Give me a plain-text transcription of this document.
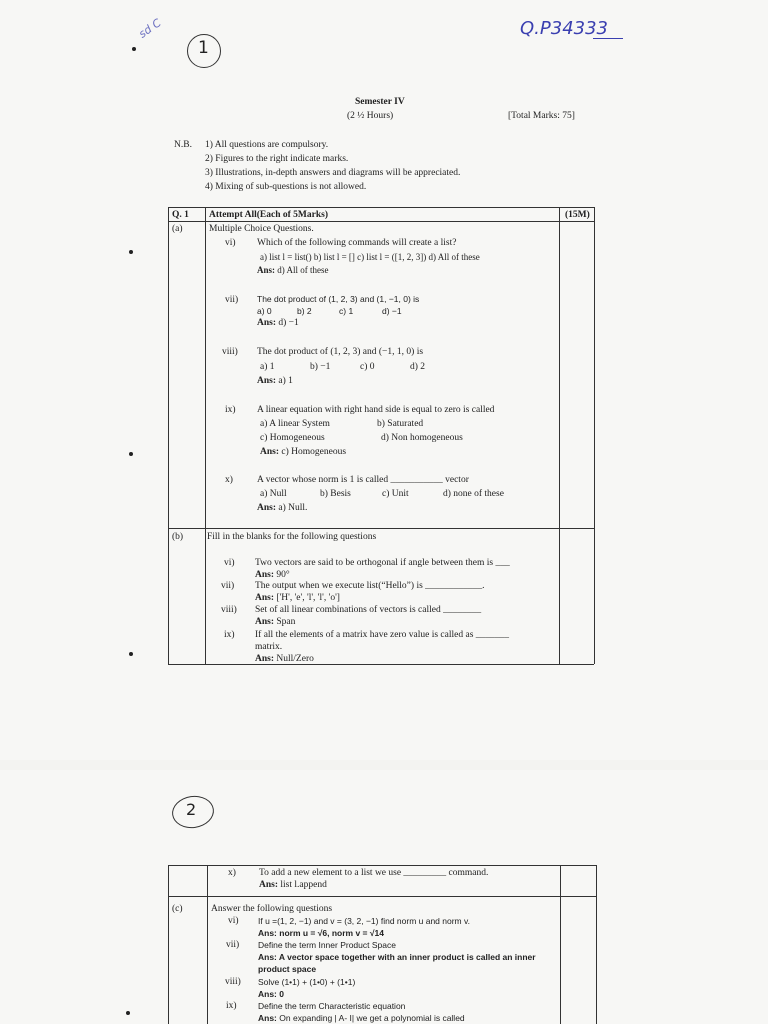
sd C
1
Q.P34333
Semester IV
(2 ½ Hours)	[Total Marks: 75]
N.B. 1) All questions are compulsory.
2) Figures to the right indicate marks.
3) Illustrations, in-depth answers and diagrams will be appreciated.
4) Mixing of sub-questions is not allowed.
Q. 1 Attempt All(Each of 5Marks)	(15M)
(a)	Multiple Choice Questions.
vi) Which of the following commands will create a list?
a) list l = list() b) list l = [] c) list l = ([1, 2, 3]) d) All of these
Ans: d) All of these
vii) The dot product of (1, 2, 3) and (1, −1, 0) is
a) 0	b) 2	c) 1	d) −1
Ans: d) −1
viii) The dot product of (1, 2, 3) and (−1, 1, 0) is
a) 1	b) −1	c) 0	d) 2
Ans: a) 1
ix) A linear equation with right hand side is equal to zero is called
a) A linear System	b) Saturated
c) Homogeneous	d) Non homogeneous
Ans: c) Homogeneous
x)	A vector whose norm is 1 is called ___________ vector
a) Null	b) Besis	c) Unit	d) none of these
Ans: a) Null.
(b)	Fill in the blanks for the following questions
vi) Two vectors are said to be orthogonal if angle between them is ___
Ans: 90°
vii) The output when we execute list(“Hello”) is ____________.
Ans: ['H', 'e', 'l', 'l', 'o']
viii) Set of all linear combinations of vectors is called ________
Ans: Span
ix) If all the elements of a matrix have zero value is called as _______
matrix.
Ans: Null/Zero
2
x) To add a new element to a list we use _________ command.
Ans: list l.append
(c)	Answer the following questions
vi) If u =(1, 2, −1) and v = (3, 2, −1) find norm u and norm v.
Ans: norm u = √6, norm v = √14
vii) Define the term Inner Product Space
Ans: A vector space together with an inner product is called an inner
product space
viii) Solve (1•1) + (1•0) + (1•1)
Ans: 0
ix)	Define the term Characteristic equation
Ans: On expanding | A- I| we get a polynomial is called
